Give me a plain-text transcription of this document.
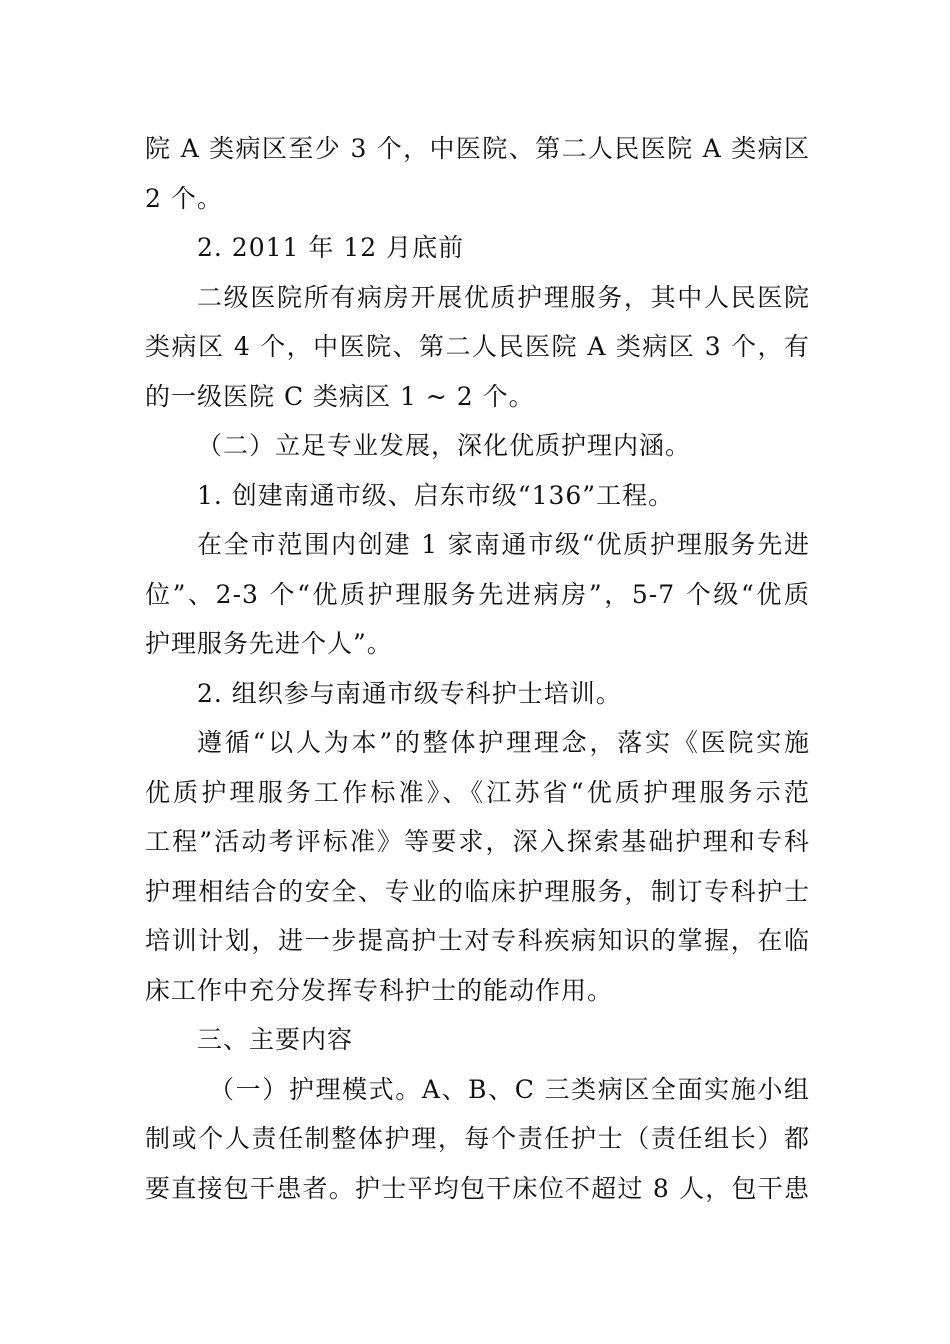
院 A 类病区至少 3 个，中医院、第二人民医院 A 类病区
2 个。
2. 2011 年 12 月底前
二级医院所有病房开展优质护理服务，其中人民医院
类病区 4 个，中医院、第二人民医院 A 类病区 3 个，有
的一级医院 C 类病区 1 ~ 2 个。
（二）立足专业发展，深化优质护理内涵。
1. 创建南通市级、启东市级“136”工程。
在全市范围内创建 1 家南通市级“优质护理服务先进
位”、2-3 个“优质护理服务先进病房”，5-7 个级“优质
护理服务先进个人”。
2. 组织参与南通市级专科护士培训。
遵循“以人为本”的整体护理理念，落实《医院实施
优质护理服务工作标准》、《江苏省“优质护理服务示范
工程”活动考评标准》等要求，深入探索基础护理和专科
护理相结合的安全、专业的临床护理服务，制订专科护士
培训计划，进一步提高护士对专科疾病知识的掌握，在临
床工作中充分发挥专科护士的能动作用。
三、主要内容
（一）护理模式。A、B、C 三类病区全面实施小组
制或个人责任制整体护理，每个责任护士（责任组长）都
要直接包干患者。护士平均包干床位不超过 8 人，包干患
